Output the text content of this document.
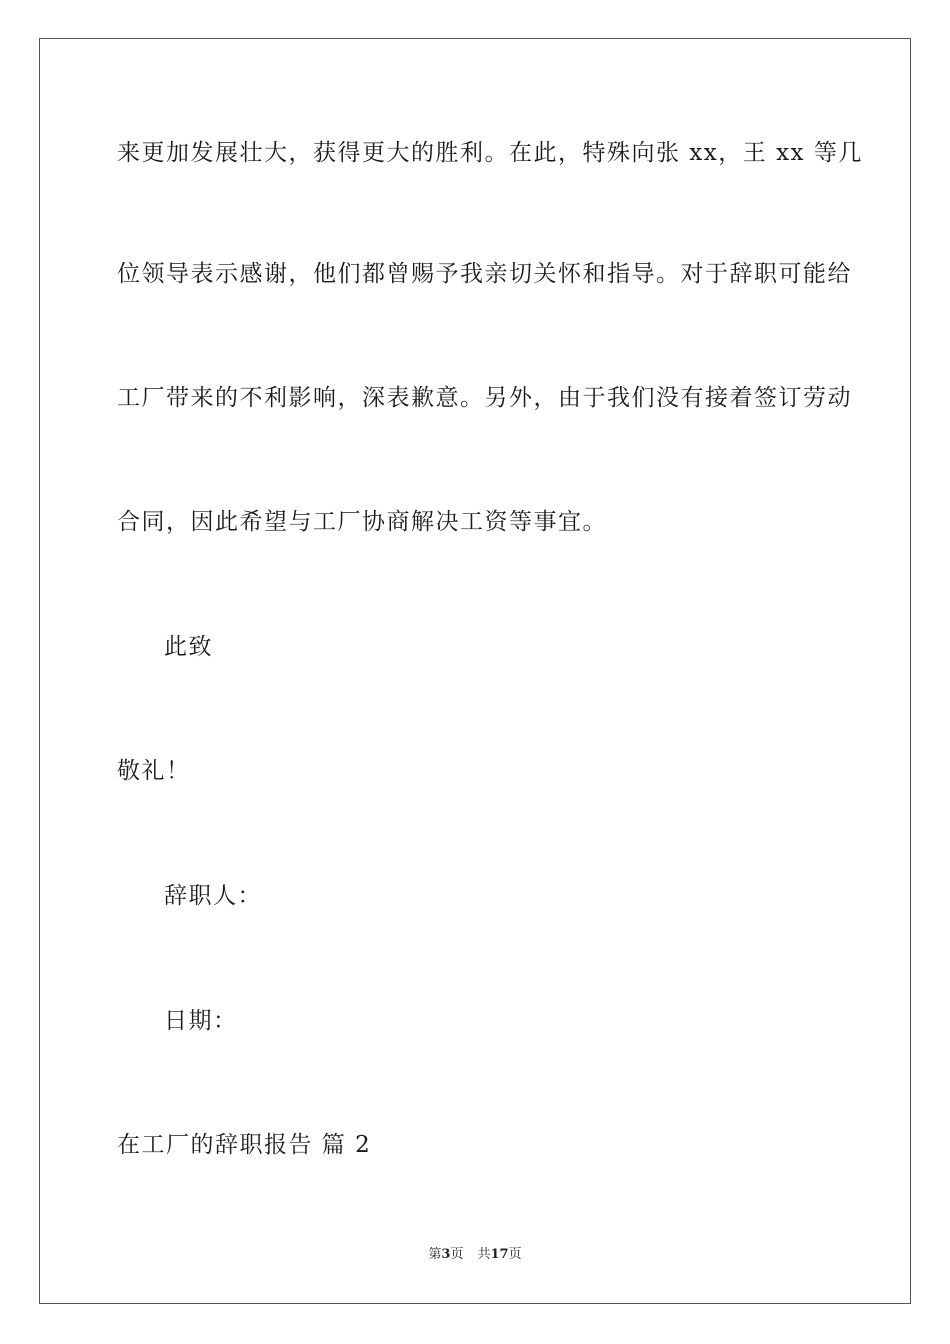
来更加发展壮大，获得更大的胜利。在此，特殊向张 xx，王 xx 等几
位领导表示感谢，他们都曾赐予我亲切关怀和指导。对于辞职可能给
工厂带来的不利影响，深表歉意。另外，由于我们没有接着签订劳动
合同，因此希望与工厂协商解决工资等事宜。
此致
敬礼！
辞职人：
日期：
在工厂的辞职报告 篇 2
第3页 共17页
